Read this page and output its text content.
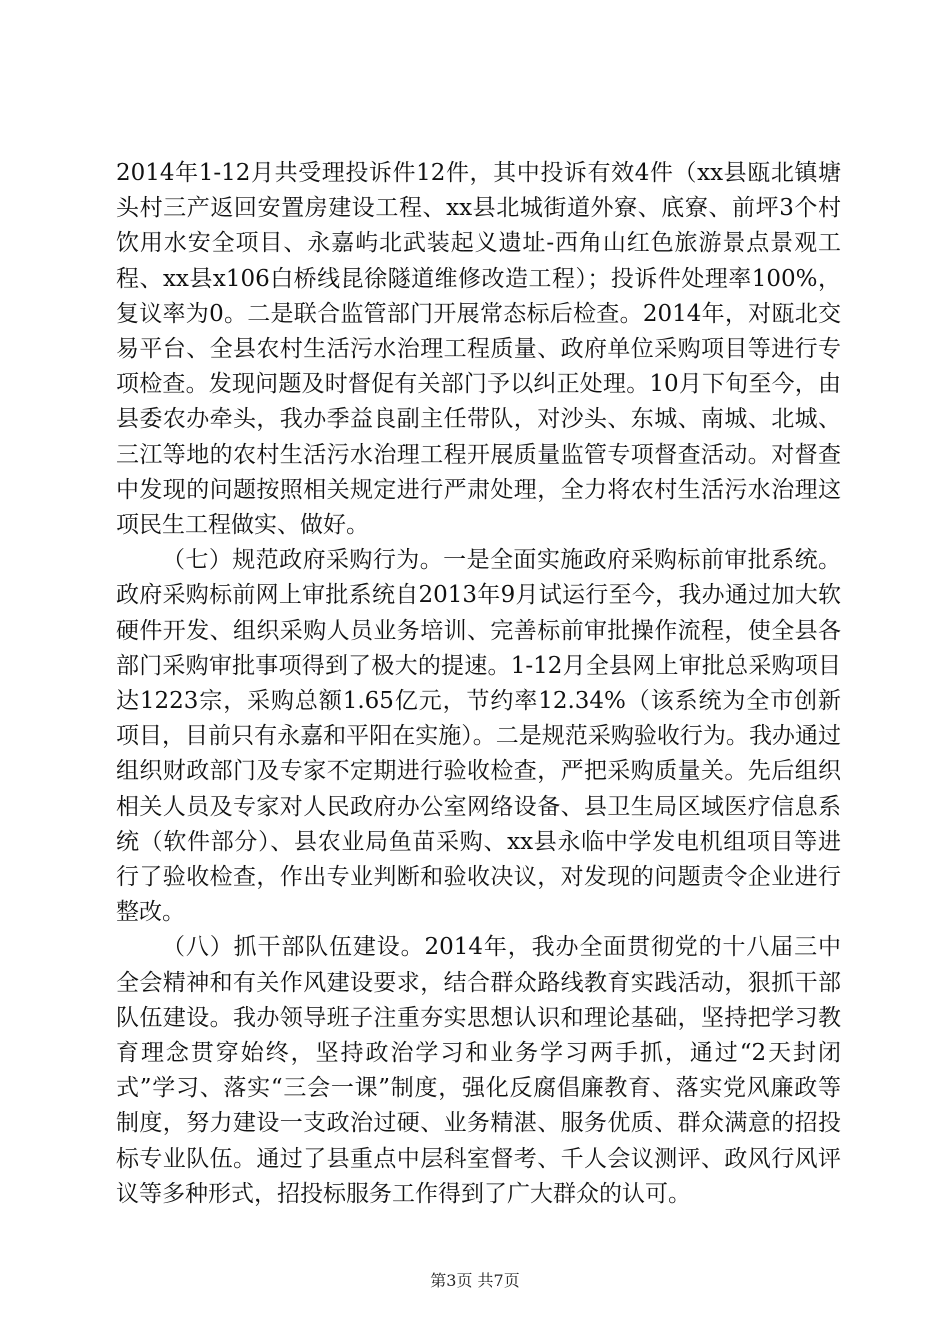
2014年1-12月共受理投诉件12件，其中投诉有效4件（xx县瓯北镇塘头村三产返回安置房建设工程、xx县北城街道外寮、底寮、前坪3个村饮用水安全项目、永嘉屿北武装起义遗址-西角山红色旅游景点景观工程、xx县x106白桥线昆徐隧道维修改造工程）；投诉件处理率100%，复议率为0。二是联合监管部门开展常态标后检查。2014年，对瓯北交易平台、全县农村生活污水治理工程质量、政府单位采购项目等进行专项检查。发现问题及时督促有关部门予以纠正处理。10月下旬至今，由县委农办牵头，我办季益良副主任带队，对沙头、东城、南城、北城、三江等地的农村生活污水治理工程开展质量监管专项督查活动。对督查中发现的问题按照相关规定进行严肃处理，全力将农村生活污水治理这项民生工程做实、做好。

（七）规范政府采购行为。一是全面实施政府采购标前审批系统。政府采购标前网上审批系统自2013年9月试运行至今，我办通过加大软硬件开发、组织采购人员业务培训、完善标前审批操作流程，使全县各部门采购审批事项得到了极大的提速。1-12月全县网上审批总采购项目达1223宗，采购总额1.65亿元，节约率12.34%（该系统为全市创新项目，目前只有永嘉和平阳在实施）。二是规范采购验收行为。我办通过组织财政部门及专家不定期进行验收检查，严把采购质量关。先后组织相关人员及专家对人民政府办公室网络设备、县卫生局区域医疗信息系统（软件部分）、县农业局鱼苗采购、xx县永临中学发电机组项目等进行了验收检查，作出专业判断和验收决议，对发现的问题责令企业进行整改。

（八）抓干部队伍建设。2014年，我办全面贯彻党的十八届三中全会精神和有关作风建设要求，结合群众路线教育实践活动，狠抓干部队伍建设。我办领导班子注重夯实思想认识和理论基础，坚持把学习教育理念贯穿始终，坚持政治学习和业务学习两手抓，通过“2天封闭式”学习、落实“三会一课”制度，强化反腐倡廉教育、落实党风廉政等制度，努力建设一支政治过硬、业务精湛、服务优质、群众满意的招投标专业队伍。通过了县重点中层科室督考、千人会议测评、政风行风评议等多种形式，招投标服务工作得到了广大群众的认可。

第3页 共7页
